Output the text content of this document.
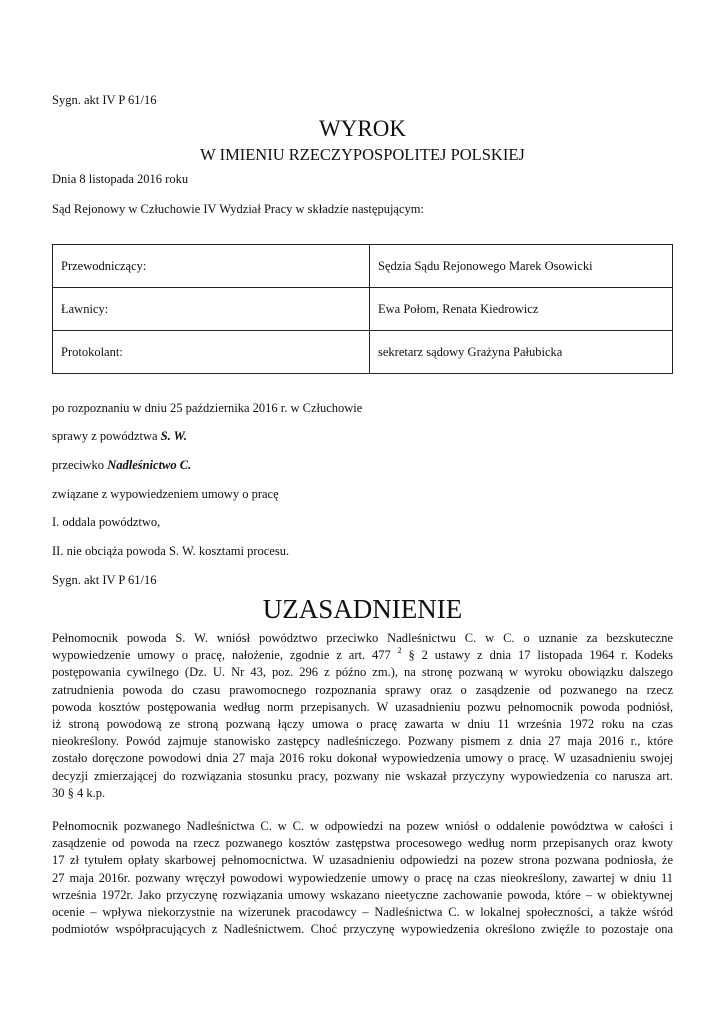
Sygn. akt IV P 61/16
WYROK
W IMIENIU RZECZYPOSPOLITEJ POLSKIEJ
Dnia 8 listopada 2016 roku
Sąd Rejonowy w Człuchowie IV Wydział Pracy w składzie następującym:
Przewodniczący:	Sędzia Sądu Rejonowego Marek Osowicki
Ławnicy:	Ewa Połom, Renata Kiedrowicz
Protokolant:	sekretarz sądowy Grażyna Pałubicka
po rozpoznaniu w dniu 25 października 2016 r. w Człuchowie
sprawy z powództwa S. W.
przeciwko Nadleśnictwo C.
związane z wypowiedzeniem umowy o pracę
I. oddala powództwo,
II. nie obciąża powoda S. W. kosztami procesu.
Sygn. akt IV P 61/16
UZASADNIENIE
Pełnomocnik powoda S. W. wniósł powództwo przeciwko Nadleśnictwu C. w C. o uznanie za bezskuteczne
wypowiedzenie umowy o pracę, nałożenie, zgodnie z art. 477 $^2$ § 2 ustawy z dnia 17 listopada 1964 r. Kodeks
postępowania cywilnego (Dz. U. Nr 43, poz. 296 z późno zm.), na stronę pozwaną w wyroku obowiązku dalszego
zatrudnienia powoda do czasu prawomocnego rozpoznania sprawy oraz o zasądzenie od pozwanego na rzecz
powoda kosztów postępowania według norm przepisanych. W uzasadnieniu pozwu pełnomocnik powoda podniósł,
iż stroną powodową ze stroną pozwaną łączy umowa o pracę zawarta w dniu 11 września 1972 roku na czas
nieokreślony. Powód zajmuje stanowisko zastępcy nadleśniczego. Pozwany pismem z dnia 27 maja 2016 r., które
zostało doręczone powodowi dnia 27 maja 2016 roku dokonał wypowiedzenia umowy o pracę. W uzasadnieniu swojej
decyzji zmierzającej do rozwiązania stosunku pracy, pozwany nie wskazał przyczyny wypowiedzenia co narusza art.
30 § 4 k.p.
Pełnomocnik pozwanego Nadleśnictwa C. w C. w odpowiedzi na pozew wniósł o oddalenie powództwa w całości i
zasądzenie od powoda na rzecz pozwanego kosztów zastępstwa procesowego według norm przepisanych oraz kwoty
17 zł tytułem opłaty skarbowej pełnomocnictwa. W uzasadnieniu odpowiedzi na pozew strona pozwana podniosła, że
27 maja 2016r. pozwany wręczył powodowi wypowiedzenie umowy o pracę na czas nieokreślony, zawartej w dniu 11
września 1972r. Jako przyczynę rozwiązania umowy wskazano nieetyczne zachowanie powoda, które – w obiektywnej
ocenie – wpływa niekorzystnie na wizerunek pracodawcy – Nadleśnictwa C. w lokalnej społeczności, a także wśród
podmiotów współpracujących z Nadleśnictwem. Choć przyczynę wypowiedzenia określono zwięźle to pozostaje ona
